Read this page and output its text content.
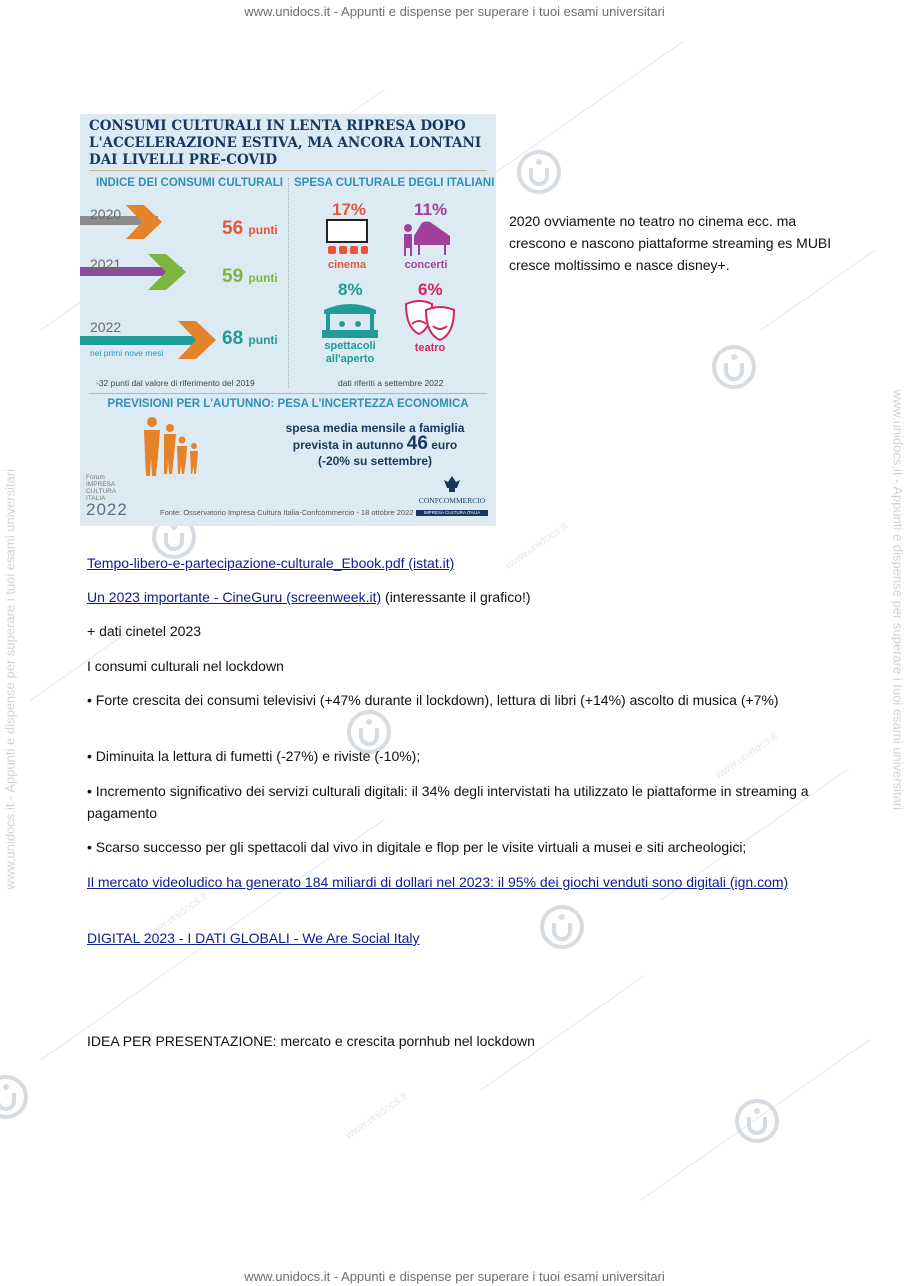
www.unidocs.it
www.unidocs.it
www.unidocs.it
www.unidocs.it
www.unidocs.it - Appunti e dispense per superare i tuoi esami universitari	www.unidocs.it - Appunti e dispense per superare i tuoi esami universitari
www.unidocs.it - Appunti e dispense per superare i tuoi esami universitari
www.unidocs.it - Appunti e dispense per superare i tuoi esami universitari
CONSUMI CULTURALI IN LENTA RIPRESA DOPO
L'ACCELERAZIONE ESTIVA, MA ANCORA LONTANI
DAI LIVELLI PRE-COVID
INDICE DEI CONSUMI CULTURALI SPESA CULTURALE DEGLI ITALIANI
2020
2021
2022
nei primi nove mesi
56 punti
59 punti
68 punti
-32 punti dal valore di riferimento del 2019
17%
cinema
11%
concerti
8%
spettacoli
all'aperto
6%
teatro
dati riferiti a settembre 2022
PREVISIONI PER L'AUTUNNO: PESA L'INCERTEZZA ECONOMICA
spesa media mensile a famiglia
prevista in autunno 46 euro
(-20% su settembre)
Forum
IMPRESA
CULTURA
ITALIA
2022	Fonte: Osservatorio Impresa Cultura Italia-Confcommercio - 18 ottobre 2022
CONFCOMMERCIO
IMPRESA CULTURA ITALIA
2020 ovviamente no teatro no cinema ecc. ma crescono e nascono piattaforme streaming es MUBI cresce moltissimo e nasce disney+.
Tempo-libero-e-partecipazione-culturale_Ebook.pdf (istat.it)
Un 2023 importante - CineGuru (screenweek.it) (interessante il grafico!)
+ dati cinetel 2023
I consumi culturali nel lockdown
• Forte crescita dei consumi televisivi (+47% durante il lockdown), lettura di libri (+14%) ascolto di musica (+7%)
• Diminuita la lettura di fumetti (-27%) e riviste (-10%);
• Incremento significativo dei servizi culturali digitali: il 34% degli intervistati ha utilizzato le piattaforme in streaming a pagamento
• Scarso successo per gli spettacoli dal vivo in digitale e flop per le visite virtuali a musei e siti archeologici;
Il mercato videoludico ha generato 184 miliardi di dollari nel 2023: il 95% dei giochi venduti sono digitali (ign.com)
DIGITAL 2023 - I DATI GLOBALI - We Are Social Italy
IDEA PER PRESENTAZIONE: mercato e crescita pornhub nel lockdown
